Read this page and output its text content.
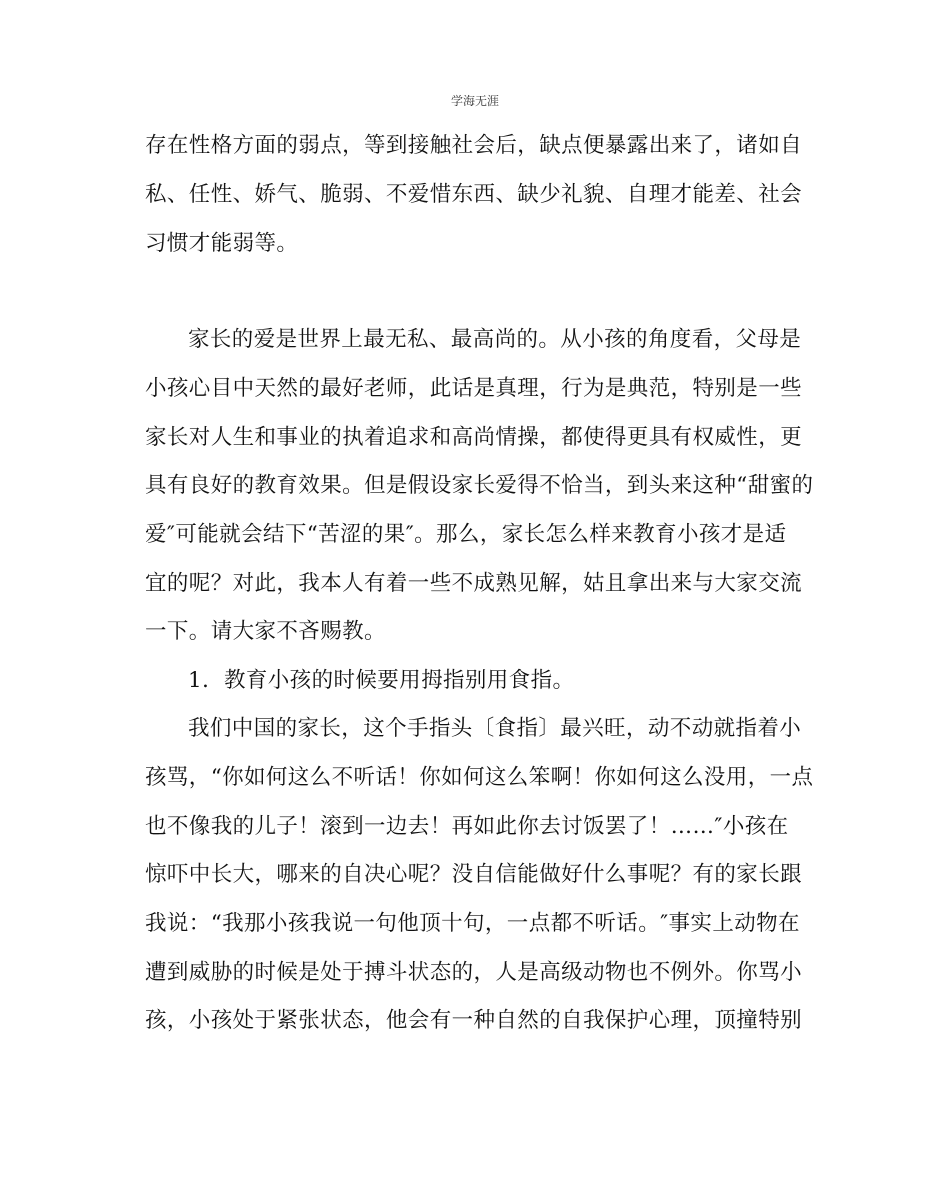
学海无涯
存在性格方面的弱点，等到接触社会后，缺点便暴露出来了，诸如自
私、任性、娇气、脆弱、不爱惜东西、缺少礼貌、自理才能差、社会
习惯才能弱等。
家长的爱是世界上最无私、最高尚的。从小孩的角度看，父母是
小孩心目中天然的最好老师，此话是真理，行为是典范，特别是一些
家长对人生和事业的执着追求和高尚情操，都使得更具有权威性，更
具有良好的教育效果。但是假设家长爱得不恰当，到头来这种“甜蜜的
爱″可能就会结下“苦涩的果″。那么，家长怎么样来教育小孩才是适
宜的呢？对此，我本人有着一些不成熟见解，姑且拿出来与大家交流
一下。请大家不吝赐教。
1．教育小孩的时候要用拇指别用食指。
我们中国的家长，这个手指头〔食指〕最兴旺，动不动就指着小
孩骂，“你如何这么不听话！你如何这么笨啊！你如何这么没用，一点
也不像我的儿子！滚到一边去！再如此你去讨饭罢了！……″小孩在
惊吓中长大，哪来的自决心呢？没自信能做好什么事呢？有的家长跟
我说：“我那小孩我说一句他顶十句，一点都不听话。″事实上动物在
遭到威胁的时候是处于搏斗状态的，人是高级动物也不例外。你骂小
孩，小孩处于紧张状态，他会有一种自然的自我保护心理，顶撞特别
